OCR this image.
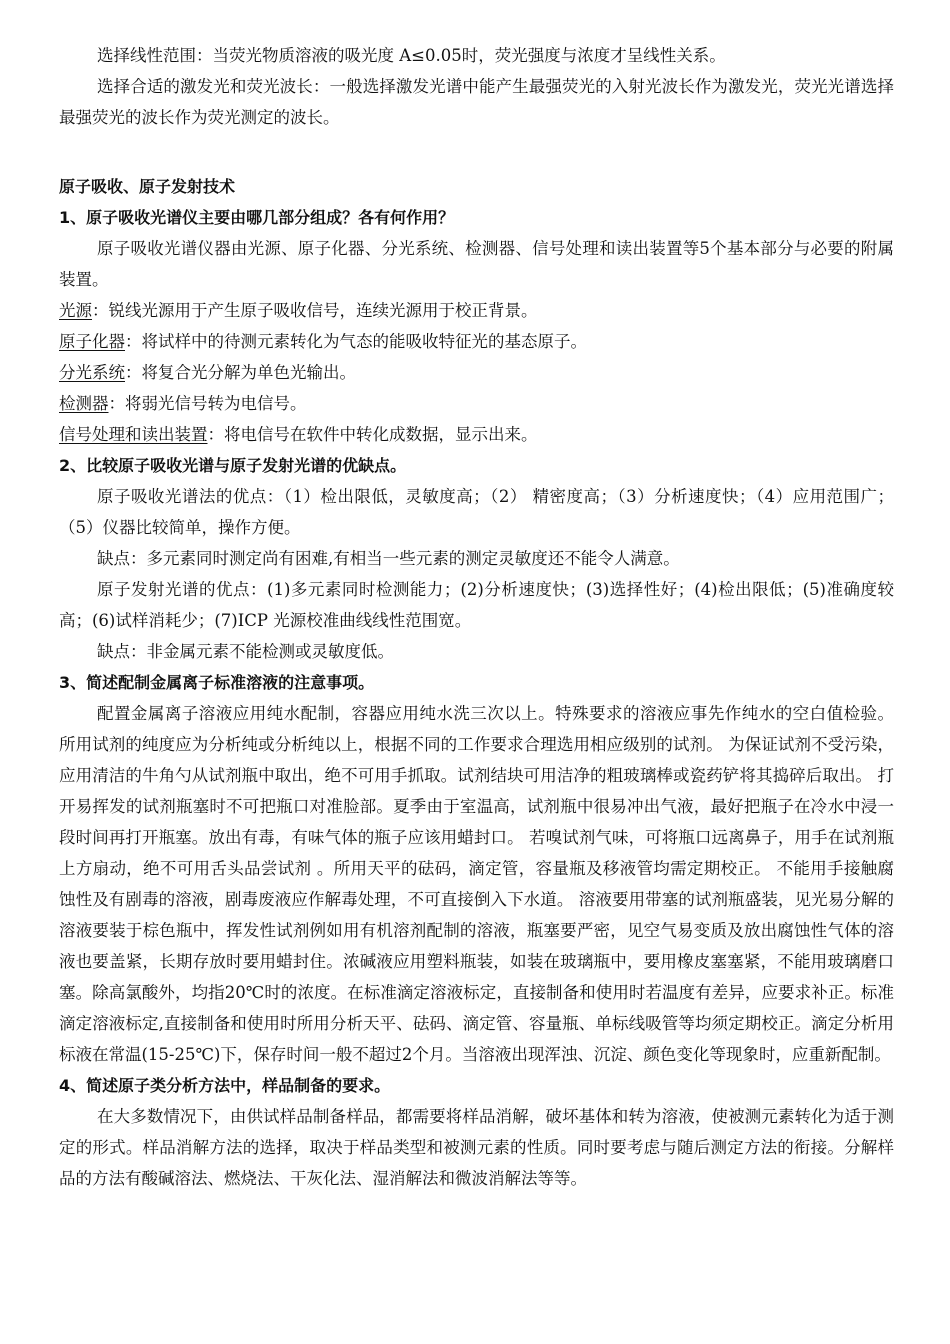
选择线性范围：当荧光物质溶液的吸光度 A≤0.05时，荧光强度与浓度才呈线性关系。

选择合适的激发光和荧光波长：一般选择激发光谱中能产生最强荧光的入射光波长作为激发光，荧光光谱选择最强荧光的波长作为荧光测定的波长。

原子吸收、原子发射技术

1、原子吸收光谱仪主要由哪几部分组成？各有何作用？

原子吸收光谱仪器由光源、原子化器、分光系统、检测器、信号处理和读出装置等5个基本部分与必要的附属装置。

光源：锐线光源用于产生原子吸收信号，连续光源用于校正背景。

原子化器：将试样中的待测元素转化为气态的能吸收特征光的基态原子。

分光系统：将复合光分解为单色光输出。

检测器：将弱光信号转为电信号。

信号处理和读出装置：将电信号在软件中转化成数据，显示出来。

2、比较原子吸收光谱与原子发射光谱的优缺点。

原子吸收光谱法的优点：（1）检出限低，灵敏度高；（2） 精密度高；（3）分析速度快；（4）应用范围广；（5）仪器比较简单，操作方便。

缺点：多元素同时测定尚有困难,有相当一些元素的测定灵敏度还不能令人满意。

原子发射光谱的优点：(1)多元素同时检测能力；(2)分析速度快；(3)选择性好；(4)检出限低；(5)准确度较高；(6)试样消耗少；(7)ICP 光源校准曲线线性范围宽。

缺点：非金属元素不能检测或灵敏度低。

3、简述配制金属离子标准溶液的注意事项。

配置金属离子溶液应用纯水配制，容器应用纯水洗三次以上。特殊要求的溶液应事先作纯水的空白值检验。 所用试剂的纯度应为分析纯或分析纯以上，根据不同的工作要求合理选用相应级别的试剂。 为保证试剂不受污染，应用清洁的牛角勺从试剂瓶中取出，绝不可用手抓取。试剂结块可用洁净的粗玻璃棒或瓷药铲将其捣碎后取出。 打开易挥发的试剂瓶塞时不可把瓶口对准脸部。夏季由于室温高，试剂瓶中很易冲出气液，最好把瓶子在冷水中浸一段时间再打开瓶塞。放出有毒，有味气体的瓶子应该用蜡封口。 若嗅试剂气味，可将瓶口远离鼻子，用手在试剂瓶上方扇动，绝不可用舌头品尝试剂 。所用天平的砝码，滴定管，容量瓶及移液管均需定期校正。 不能用手接触腐蚀性及有剧毒的溶液，剧毒废液应作解毒处理，不可直接倒入下水道。 溶液要用带塞的试剂瓶盛装，见光易分解的溶液要装于棕色瓶中，挥发性试剂例如用有机溶剂配制的溶液，瓶塞要严密，见空气易变质及放出腐蚀性气体的溶液也要盖紧，长期存放时要用蜡封住。浓碱液应用塑料瓶装，如装在玻璃瓶中，要用橡皮塞塞紧，不能用玻璃磨口塞。除高氯酸外，均指20℃时的浓度。在标准滴定溶液标定，直接制备和使用时若温度有差异，应要求补正。标准滴定溶液标定,直接制备和使用时所用分析天平、砝码、滴定管、容量瓶、单标线吸管等均须定期校正。滴定分析用标液在常温(15-25℃)下，保存时间一般不超过2个月。当溶液出现浑浊、沉淀、颜色变化等现象时，应重新配制。

4、简述原子类分析方法中，样品制备的要求。

在大多数情况下，由供试样品制备样品，都需要将样品消解，破坏基体和转为溶液，使被测元素转化为适于测定的形式。样品消解方法的选择，取决于样品类型和被测元素的性质。同时要考虑与随后测定方法的衔接。分解样品的方法有酸碱溶法、燃烧法、干灰化法、湿消解法和微波消解法等等。
